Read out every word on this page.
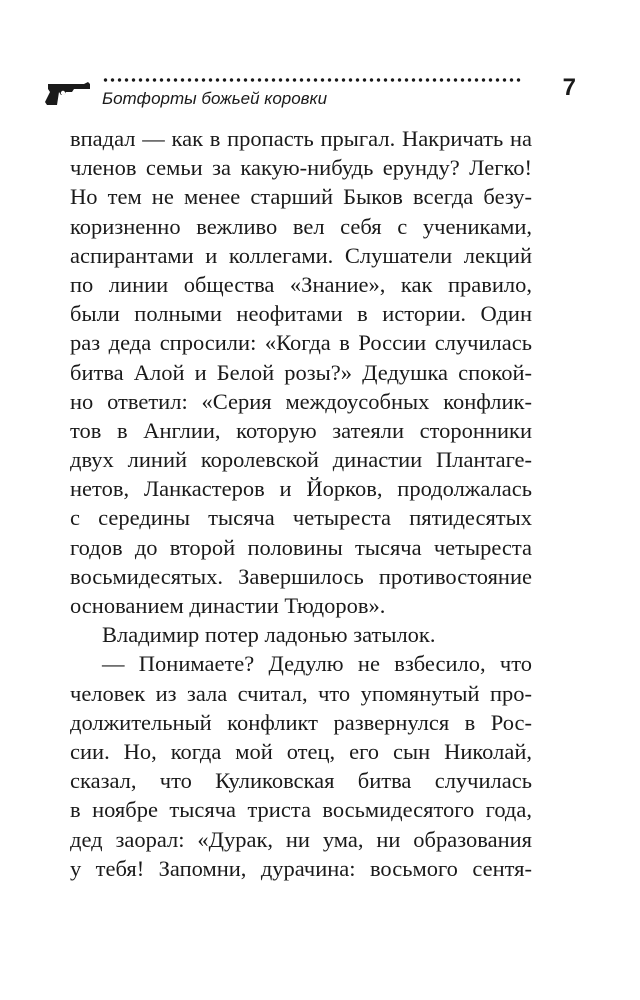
Ботфорты божьей коровки	7
впадал — как в пропасть прыгал. Накричать на
членов семьи за какую-нибудь ерунду? Легко!
Но тем не менее старший Быков всегда безу-
коризненно вежливо вел себя с учениками,
аспирантами и коллегами. Слушатели лекций
по линии общества «Знание», как правило,
были полными неофитами в истории. Один
раз деда спросили: «Когда в России случилась
битва Алой и Белой розы?» Дедушка спокой-
но ответил: «Серия междоусобных конфлик-
тов в Англии, которую затеяли сторонники
двух линий королевской династии Плантаге-
нетов, Ланкастеров и Йорков, продолжалась
с середины тысяча четыреста пятидесятых
годов до второй половины тысяча четыреста
восьмидесятых. Завершилось противостояние
основанием династии Тюдоров».
Владимир потер ладонью затылок.
— Понимаете? Дедулю не взбесило, что
человек из зала считал, что упомянутый про-
должительный конфликт развернулся в Рос-
сии. Но, когда мой отец, его сын Николай,
сказал, что Куликовская битва случилась
в ноябре тысяча триста восьмидесятого года,
дед заорал: «Дурак, ни ума, ни образования
у тебя! Запомни, дурачина: восьмого сентя-
